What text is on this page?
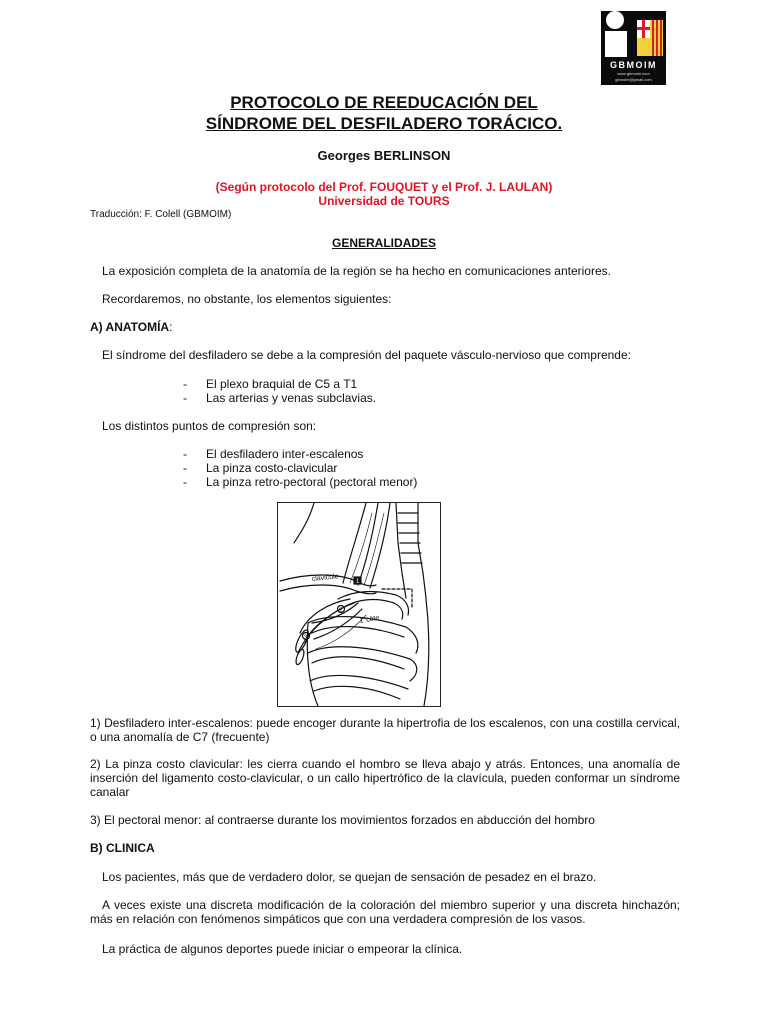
GBMOIM
www.gbmoim.com
gbmoim@gmail.com
PROTOCOLO DE REEDUCACIÓN DEL
SÍNDROME DEL DESFILADERO TORÁCICO.
Georges BERLINSON
(Según protocolo del Prof. FOUQUET y el Prof. J. LAULAN)
Universidad de TOURS
Traducción: F. Colell (GBMOIM)
GENERALIDADES
La exposición completa de la anatomía de la región se ha hecho en comunicaciones anteriores.
Recordaremos, no obstante, los elementos siguientes:
A) ANATOMÍA:
El síndrome del desfiladero se debe a la compresión del paquete vásculo-nervioso que comprende:
- El plexo braquial de C5 a T1
- Las arterias y venas subclavias.
Los distintos puntos de compresión son:
- El desfiladero inter-escalenos
- La pinza costo-clavicular
- La pinza retro-pectoral (pectoral menor)
clavicule
1°côte
1
2
3
1) Desfiladero inter-escalenos: puede encoger durante la hipertrofia de los escalenos, con una costilla cervical, o una anomalía de C7 (frecuente)
2) La pinza costo clavicular: les cierra cuando el hombro se lleva abajo y atrás. Entonces, una anomalía de inserción del ligamento costo-clavicular, o un callo hipertrófico de la clavícula, pueden conformar un síndrome canalar
3) El pectoral menor: al contraerse durante los movimientos forzados en abducción del hombro
B) CLINICA
Los pacientes, más que de verdadero dolor, se quejan de sensación de pesadez en el brazo.
A veces existe una discreta modificación de la coloración del miembro superior y una discreta hinchazón; más en relación con fenómenos simpáticos que con una verdadera compresión de los vasos.
La práctica de algunos deportes puede iniciar o empeorar la clínica.
